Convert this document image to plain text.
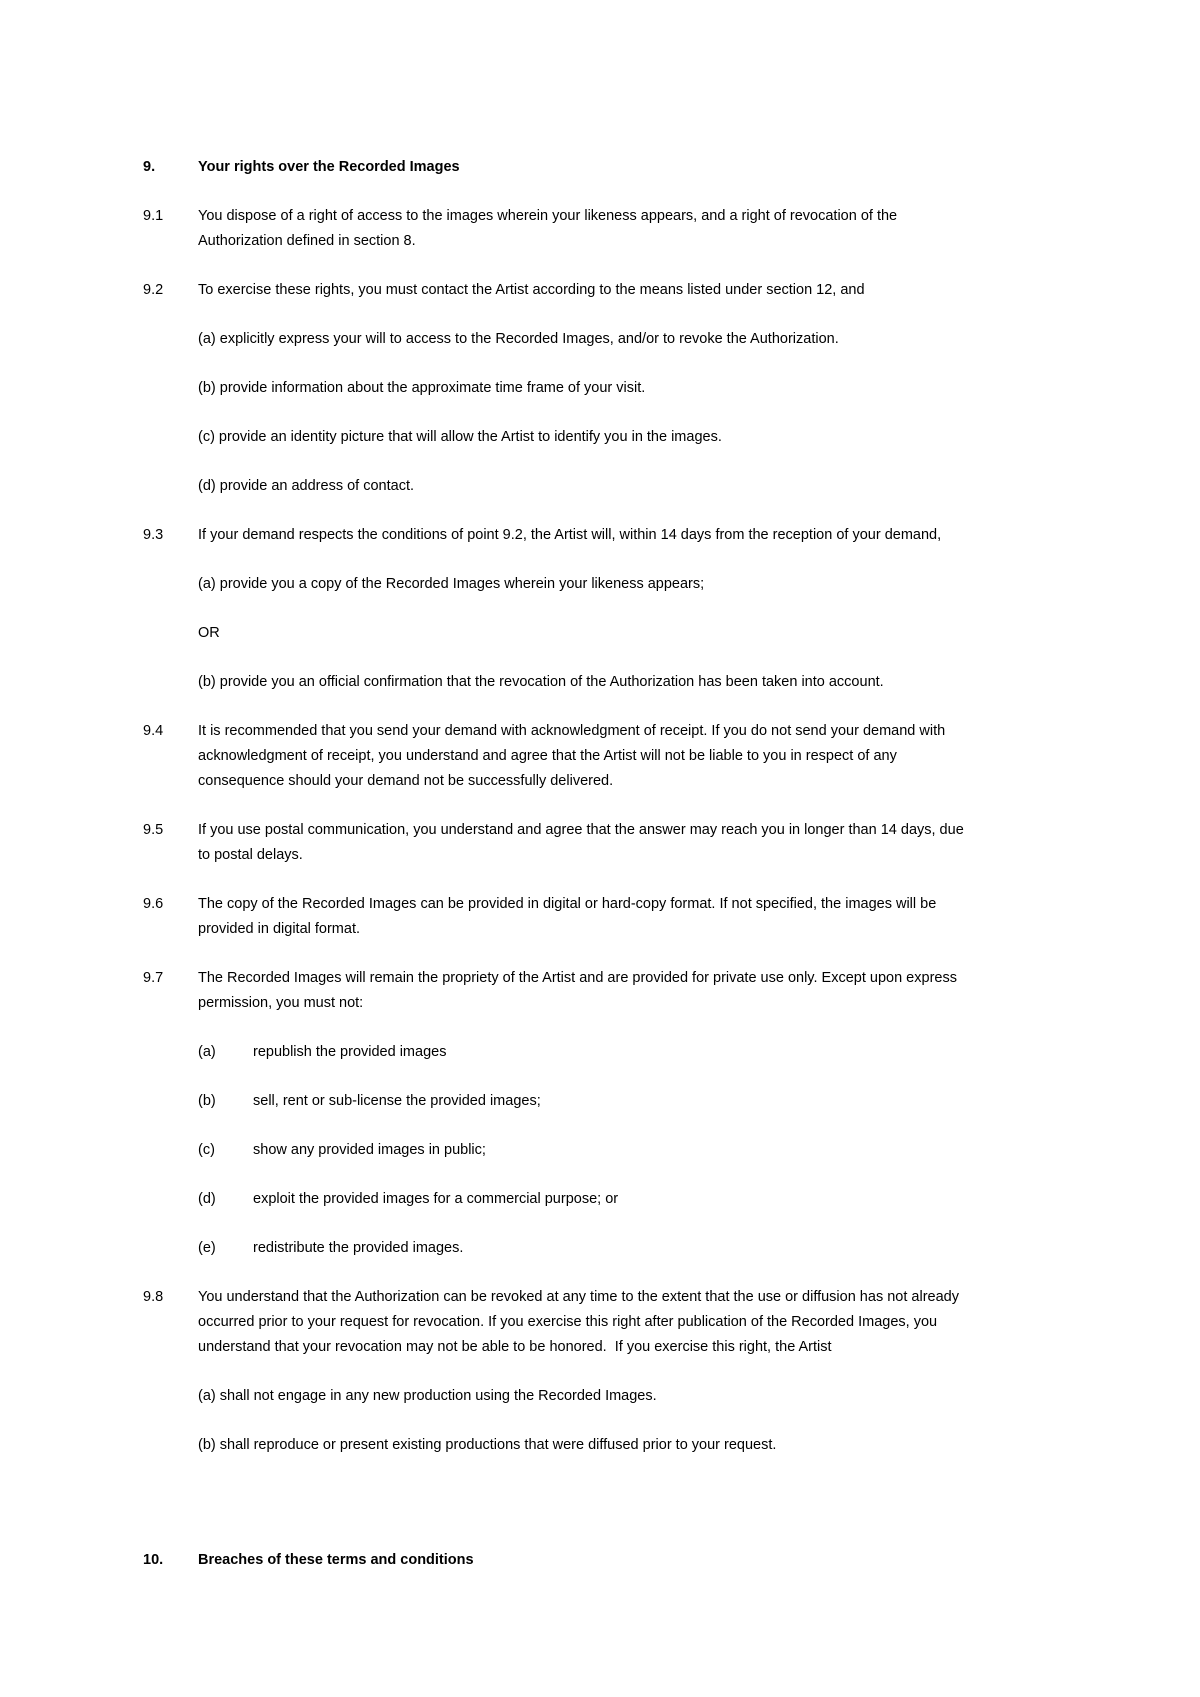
9.	Your rights over the Recorded Images
9.1	You dispose of a right of access to the images wherein your likeness appears, and a right of revocation of the Authorization defined in section 8.
9.2	To exercise these rights, you must contact the Artist according to the means listed under section 12, and
(a) explicitly express your will to access to the Recorded Images, and/or to revoke the Authorization.
(b) provide information about the approximate time frame of your visit.
(c) provide an identity picture that will allow the Artist to identify you in the images.
(d) provide an address of contact.
9.3	If your demand respects the conditions of point 9.2, the Artist will, within 14 days from the reception of your demand,
(a) provide you a copy of the Recorded Images wherein your likeness appears;
OR
(b) provide you an official confirmation that the revocation of the Authorization has been taken into account.
9.4	It is recommended that you send your demand with acknowledgment of receipt. If you do not send your demand with acknowledgment of receipt, you understand and agree that the Artist will not be liable to you in respect of any  consequence should your demand not be successfully delivered.
9.5	If you use postal communication, you understand and agree that the answer may reach you in longer than 14 days, due to postal delays.
9.6	The copy of the Recorded Images can be provided in digital or hard-copy format. If not specified, the images will be provided in digital format.
9.7	The Recorded Images will remain the propriety of the Artist and are provided for private use only. Except upon express permission, you must not:
(a)	republish the provided images
(b)	sell, rent or sub-license the provided images;
(c)	show any provided images in public;
(d)	exploit the provided images for a commercial purpose; or
(e)	redistribute the provided images.
9.8	You understand that the Authorization can be revoked at any time to the extent that the use or diffusion has not already occurred prior to your request for revocation. If you exercise this right after publication of the Recorded Images, you understand that your revocation may not be able to be honored.  If you exercise this right, the Artist
(a) shall not engage in any new production using the Recorded Images.
(b) shall reproduce or present existing productions that were diffused prior to your request.
10.	Breaches of these terms and conditions
